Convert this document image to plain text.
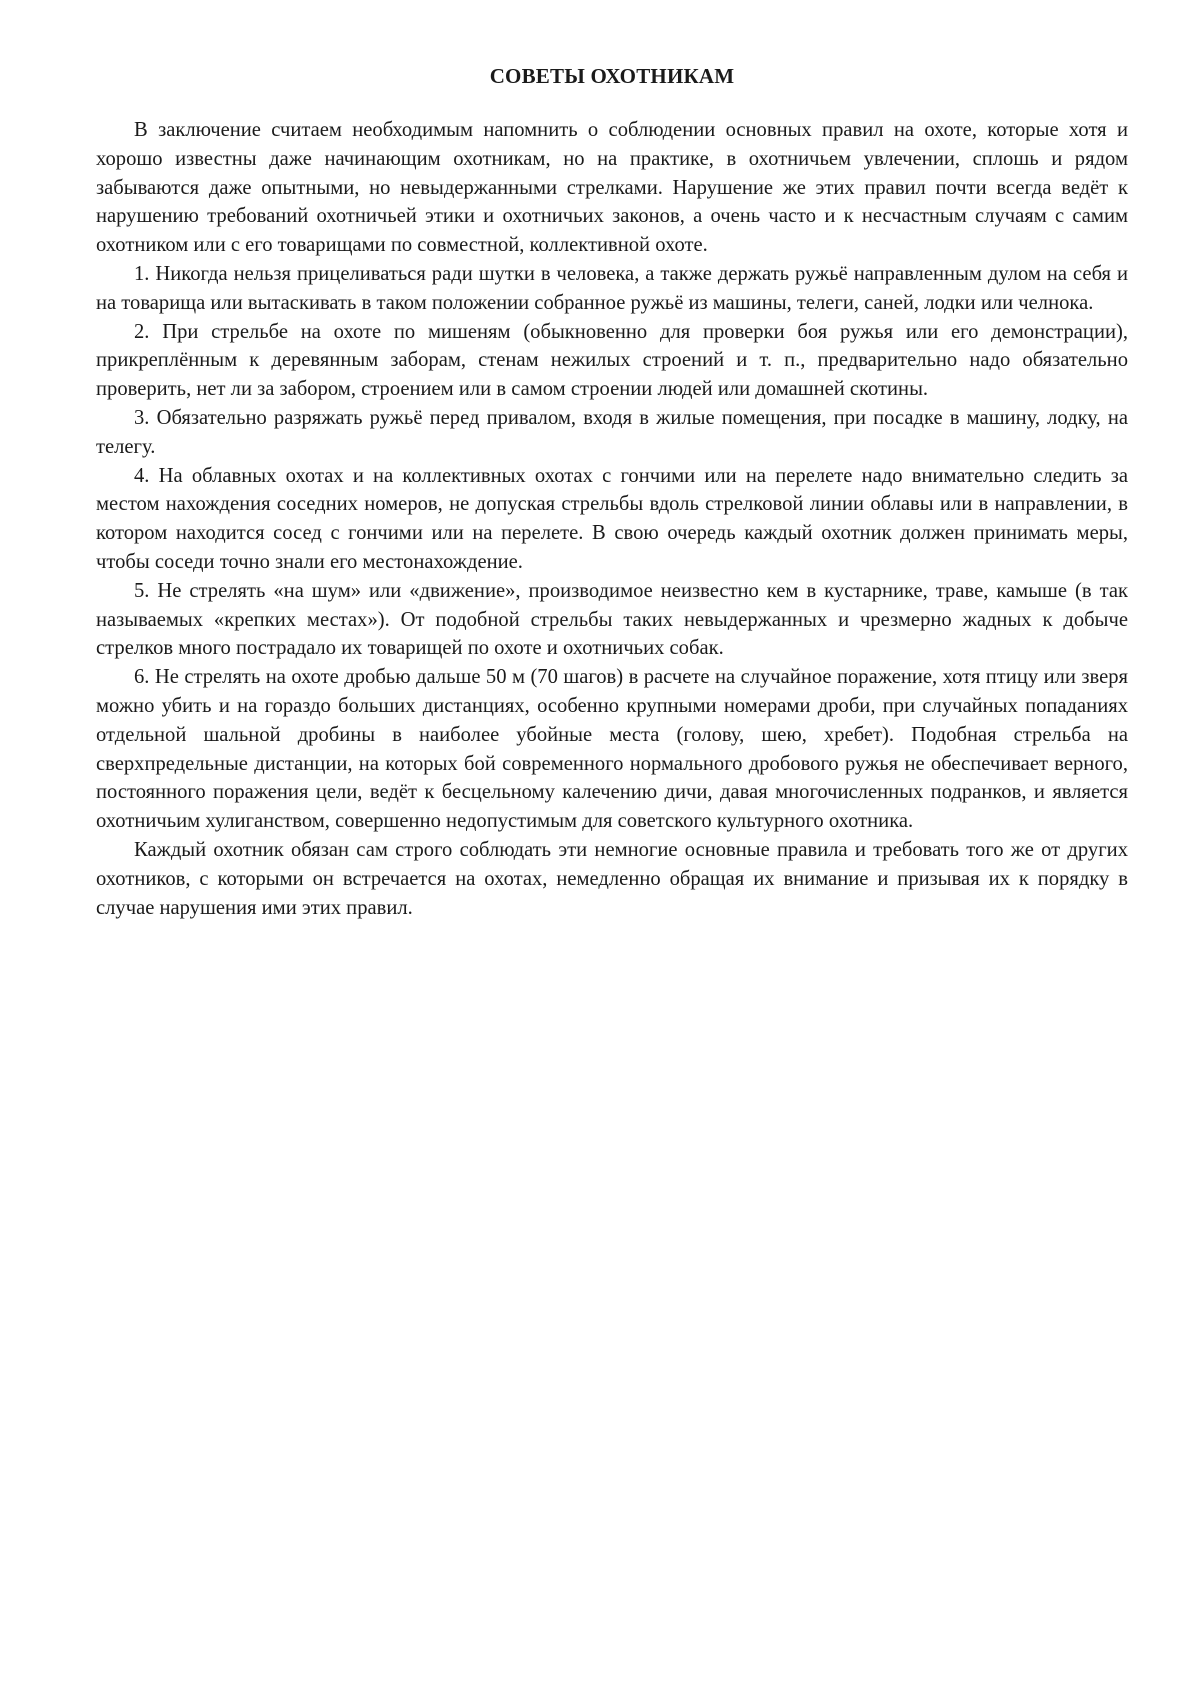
СОВЕТЫ ОХОТНИКАМ

В заключение считаем необходимым напомнить о соблюдении основных правил на охоте, которые хотя и хорошо известны даже начинающим охотникам, но на практике, в охотничьем увлечении, сплошь и рядом забываются даже опытными, но невыдержанными стрелками. Нарушение же этих правил почти всегда ведёт к нарушению требований охотничьей этики и охотничьих законов, а очень часто и к несчастным случаям с самим охотником или с его товарищами по совместной, коллективной охоте.

1. Никогда нельзя прицеливаться ради шутки в человека, а также держать ружьё направленным дулом на себя и на товарища или вытаскивать в таком положении собранное ружьё из машины, телеги, саней, лодки или челнока.

2. При стрельбе на охоте по мишеням (обыкновенно для проверки боя ружья или его демонстрации), прикреплённым к деревянным заборам, стенам нежилых строений и т. п., предварительно надо обязательно проверить, нет ли за забором, строением или в самом строении людей или домашней скотины.

3. Обязательно разряжать ружьё перед привалом, входя в жилые помещения, при посадке в машину, лодку, на телегу.

4. На облавных охотах и на коллективных охотах с гончими или на перелете надо внимательно следить за местом нахождения соседних номеров, не допуская стрельбы вдоль стрелковой линии облавы или в направлении, в котором находится сосед с гончими или на перелете. В свою очередь каждый охотник должен принимать меры, чтобы соседи точно знали его местонахождение.

5. Не стрелять «на шум» или «движение», производимое неизвестно кем в кустарнике, траве, камыше (в так называемых «крепких местах»). От подобной стрельбы таких невыдержанных и чрезмерно жадных к добыче стрелков много пострадало их товарищей по охоте и охотничьих собак.

6. Не стрелять на охоте дробью дальше 50 м (70 шагов) в расчете на случайное поражение, хотя птицу или зверя можно убить и на гораздо больших дистанциях, особенно крупными номерами дроби, при случайных попаданиях отдельной шальной дробины в наиболее убойные места (голову, шею, хребет). Подобная стрельба на сверхпредельные дистанции, на которых бой современного нормального дробового ружья не обеспечивает верного, постоянного поражения цели, ведёт к бесцельному калечению дичи, давая многочисленных подранков, и является охотничьим хулиганством, совершенно недопустимым для советского культурного охотника.

Каждый охотник обязан сам строго соблюдать эти немногие основные правила и требовать того же от других охотников, с которыми он встречается на охотах, немедленно обращая их внимание и призывая их к порядку в случае нарушения ими этих правил.
